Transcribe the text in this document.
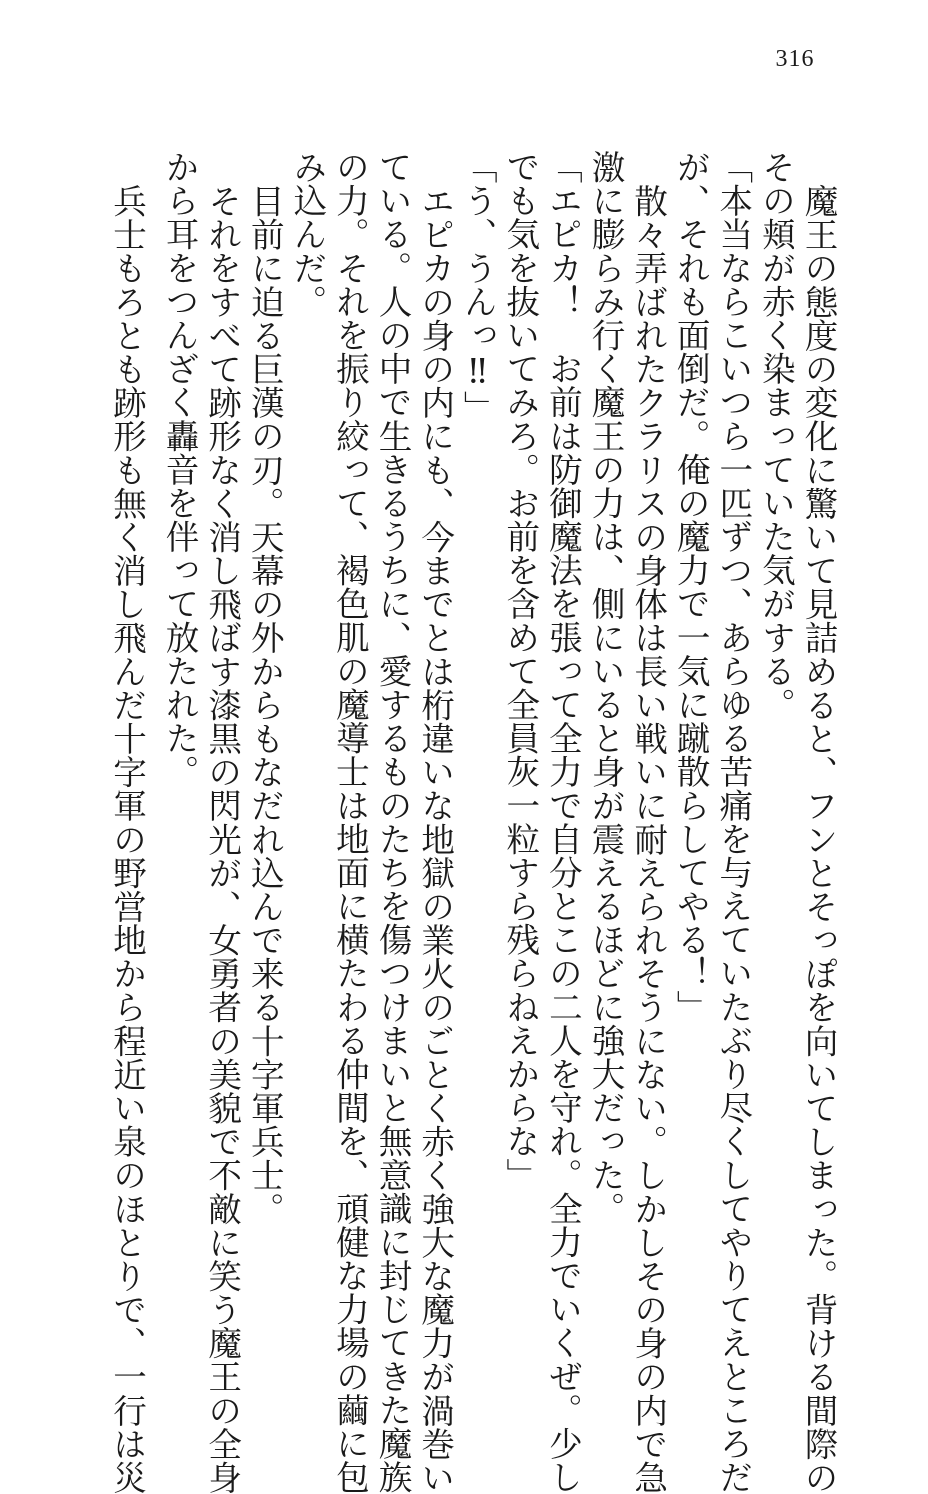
316
魔王の態度の変化に驚いて見詰めると、フンとそっぽを向いてしまった。背ける間際の
その頬が赤く染まっていた気がする。
「本当ならこいつら一匹ずつ、あらゆる苦痛を与えていたぶり尽くしてやりてえところだ
が、それも面倒だ。俺の魔力で一気に蹴散らしてやる！」
散々弄ばれたクラリスの身体は長い戦いに耐えられそうにない。しかしその身の内で急
激に膨らみ行く魔王の力は、側にいると身が震えるほどに強大だった。
「エピカ！　お前は防御魔法を張って全力で自分とこの二人を守れ。全力でいくぜ。少し
でも気を抜いてみろ。お前を含めて全員灰一粒すら残らねえからな」
「う、うんっ‼」
エピカの身の内にも、今までとは桁違いな地獄の業火のごとく赤く強大な魔力が渦巻い
ている。人の中で生きるうちに、愛するものたちを傷つけまいと無意識に封じてきた魔族
の力。それを振り絞って、褐色肌の魔導士は地面に横たわる仲間を、頑健な力場の繭に包
み込んだ。
目前に迫る巨漢の刃。天幕の外からもなだれ込んで来る十字軍兵士。
それをすべて跡形なく消し飛ばす漆黒の閃光が、女勇者の美貌で不敵に笑う魔王の全身
から耳をつんざく轟音を伴って放たれた。
兵士もろとも跡形も無く消し飛んだ十字軍の野営地から程近い泉のほとりで、一行は災
